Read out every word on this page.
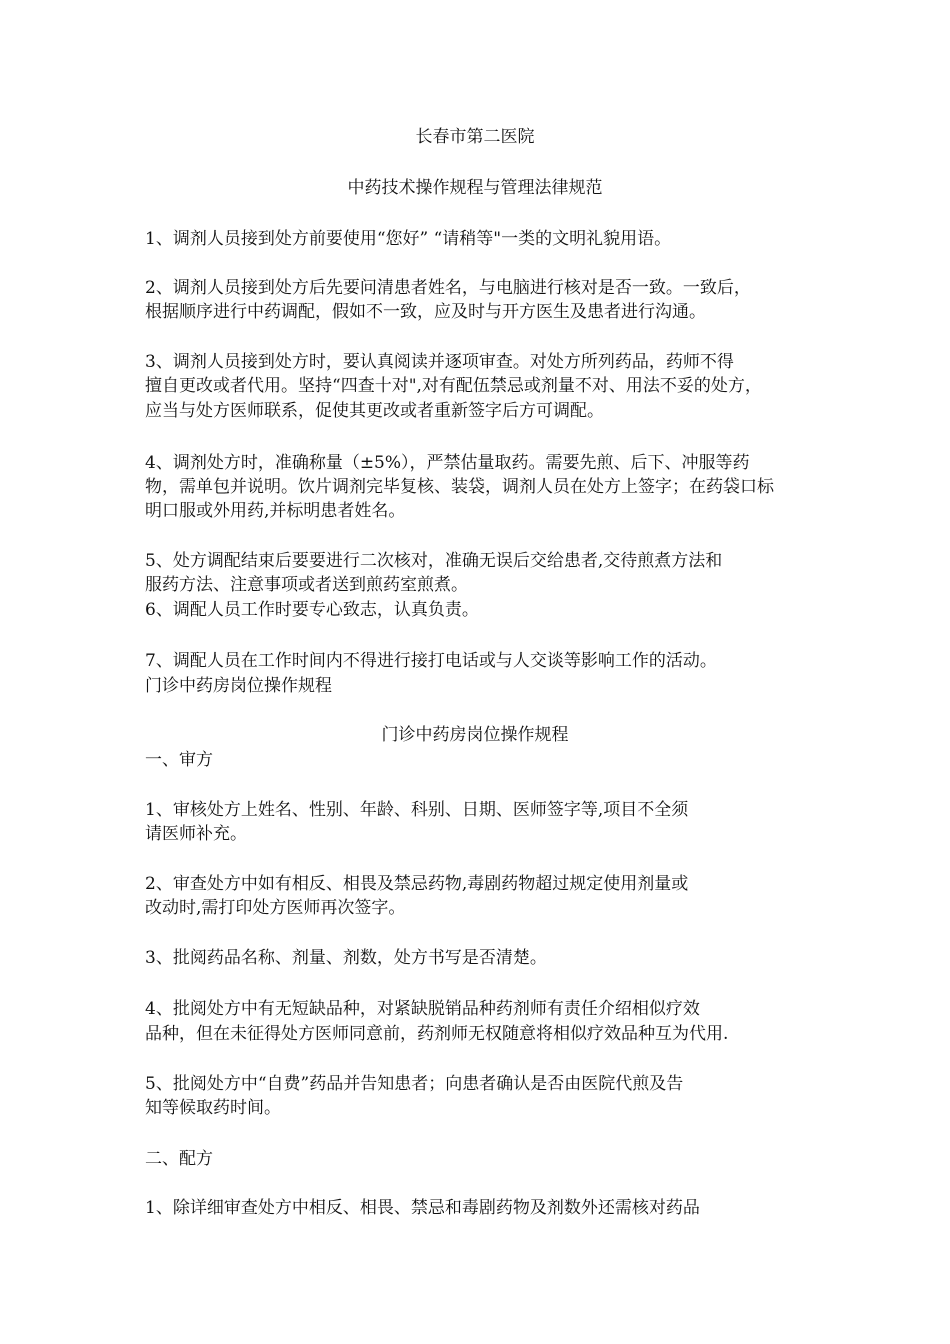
长春市第二医院
中药技术操作规程与管理法律规范
1、调剂人员接到处方前要使用“您好” “请稍等"一类的文明礼貌用语。
2、调剂人员接到处方后先要问清患者姓名，与电脑进行核对是否一致。一致后，
根据顺序进行中药调配，假如不一致，应及时与开方医生及患者进行沟通。
3、调剂人员接到处方时，要认真阅读并逐项审查。对处方所列药品，药师不得
擅自更改或者代用。坚持“四查十对",对有配伍禁忌或剂量不对、用法不妥的处方，
应当与处方医师联系，促使其更改或者重新签字后方可调配。
4、调剂处方时，准确称量（±5%），严禁估量取药。需要先煎、后下、冲服等药
物，需单包并说明。饮片调剂完毕复核、装袋，调剂人员在处方上签字；在药袋口标
明口服或外用药,并标明患者姓名。
5、处方调配结束后要要进行二次核对，准确无误后交给患者,交待煎煮方法和
服药方法、注意事项或者送到煎药室煎煮。
6、调配人员工作时要专心致志，认真负责。
7、调配人员在工作时间内不得进行接打电话或与人交谈等影响工作的活动。
门诊中药房岗位操作规程
门诊中药房岗位操作规程
一、审方
1、审核处方上姓名、性别、年龄、科别、日期、医师签字等,项目不全须
请医师补充。
2、审查处方中如有相反、相畏及禁忌药物,毒剧药物超过规定使用剂量或
改动时,需打印处方医师再次签字。
3、批阅药品名称、剂量、剂数，处方书写是否清楚。
4、批阅处方中有无短缺品种，对紧缺脱销品种药剂师有责任介绍相似疗效
品种，但在未征得处方医师同意前，药剂师无权随意将相似疗效品种互为代用.
5、批阅处方中“自费”药品并告知患者；向患者确认是否由医院代煎及告
知等候取药时间。
二、配方
1、除详细审查处方中相反、相畏、禁忌和毒剧药物及剂数外还需核对药品
